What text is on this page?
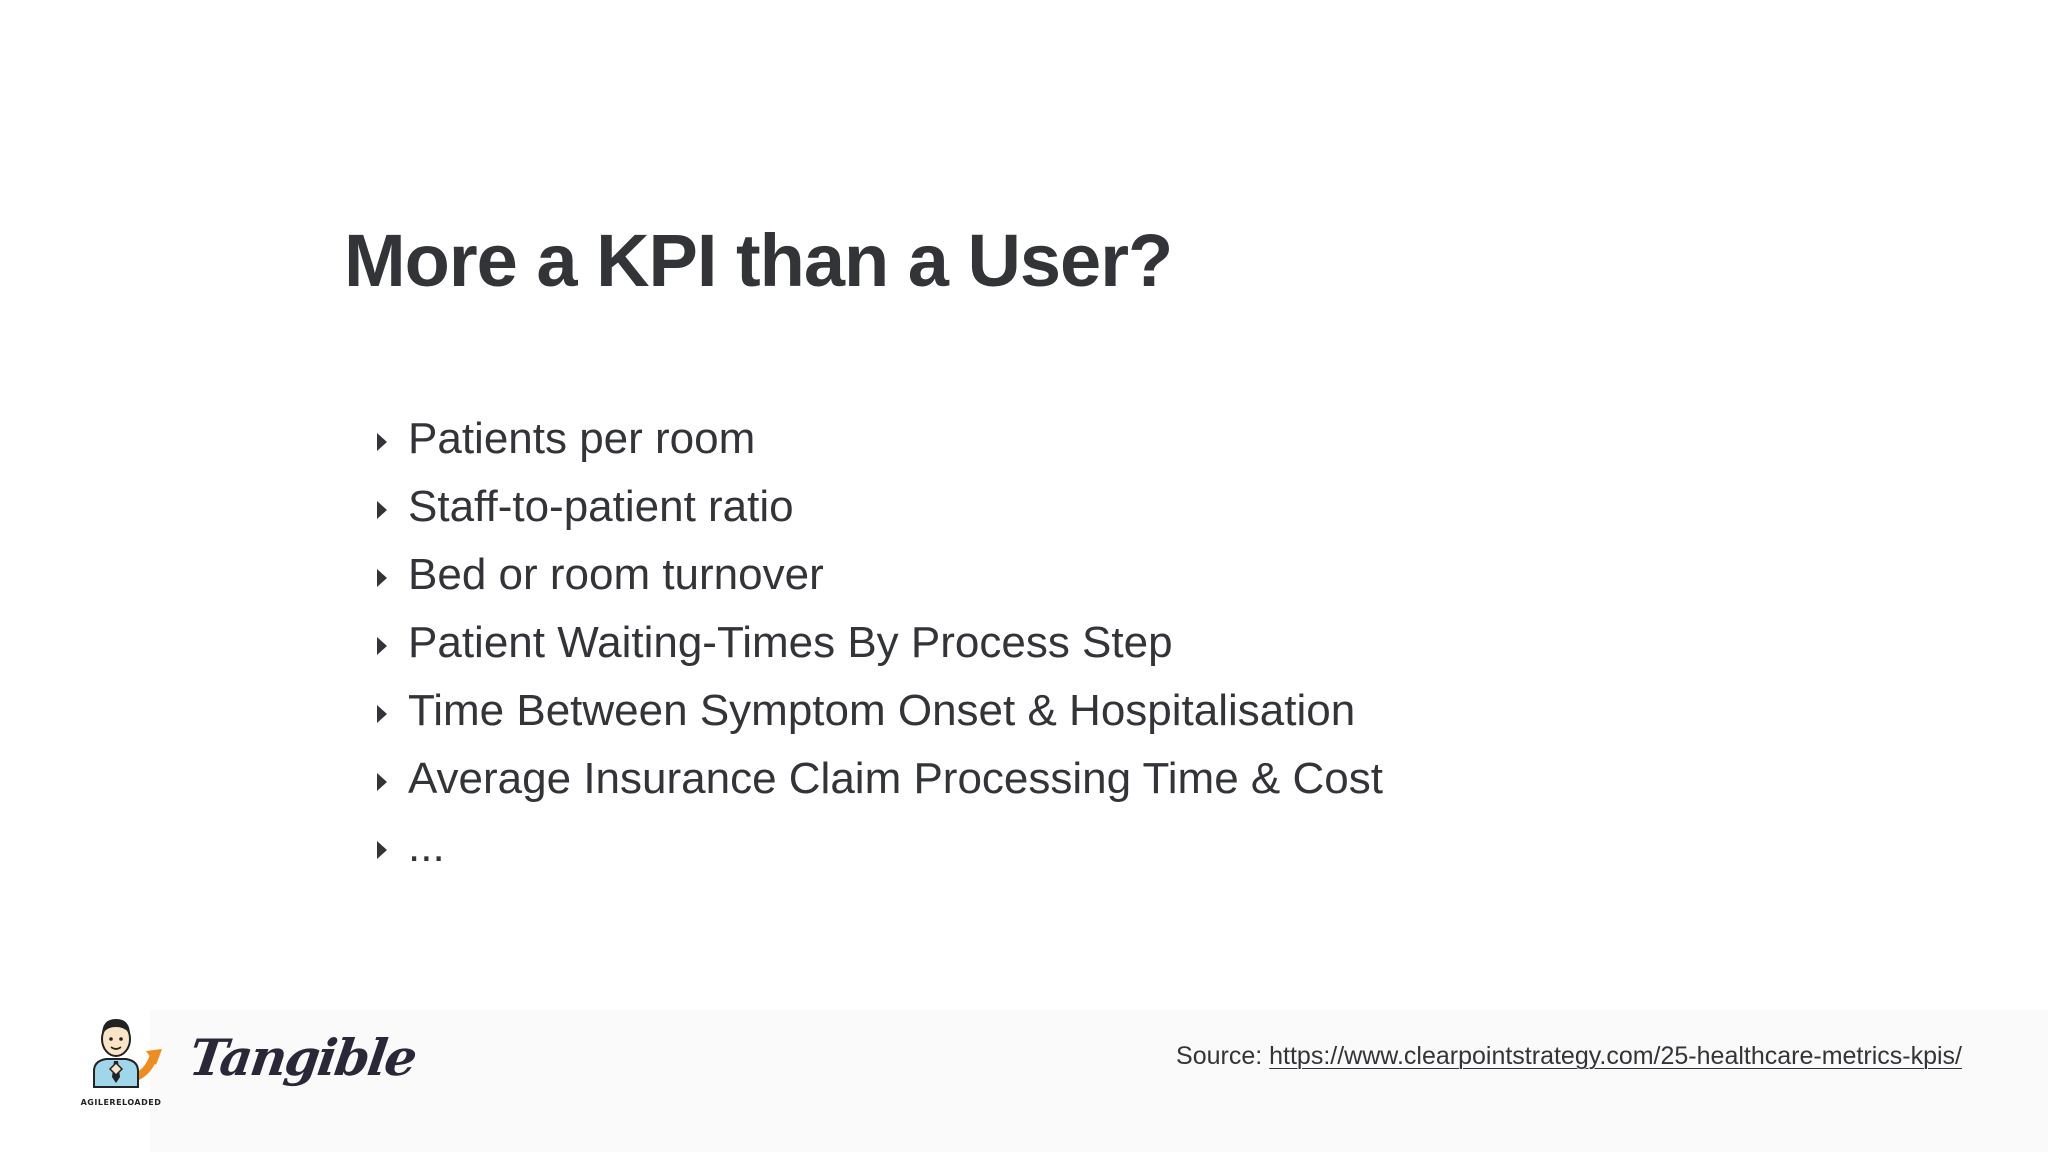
More a KPI than a User?
Patients per room
Staff-to-patient ratio
Bed or room turnover
Patient Waiting-Times By Process Step
Time Between Symptom Onset & Hospitalisation
Average Insurance Claim Processing Time & Cost
...
AGILERELOADED
Tangible	Source: https://www.clearpointstrategy.com/25-healthcare-metrics-kpis/
